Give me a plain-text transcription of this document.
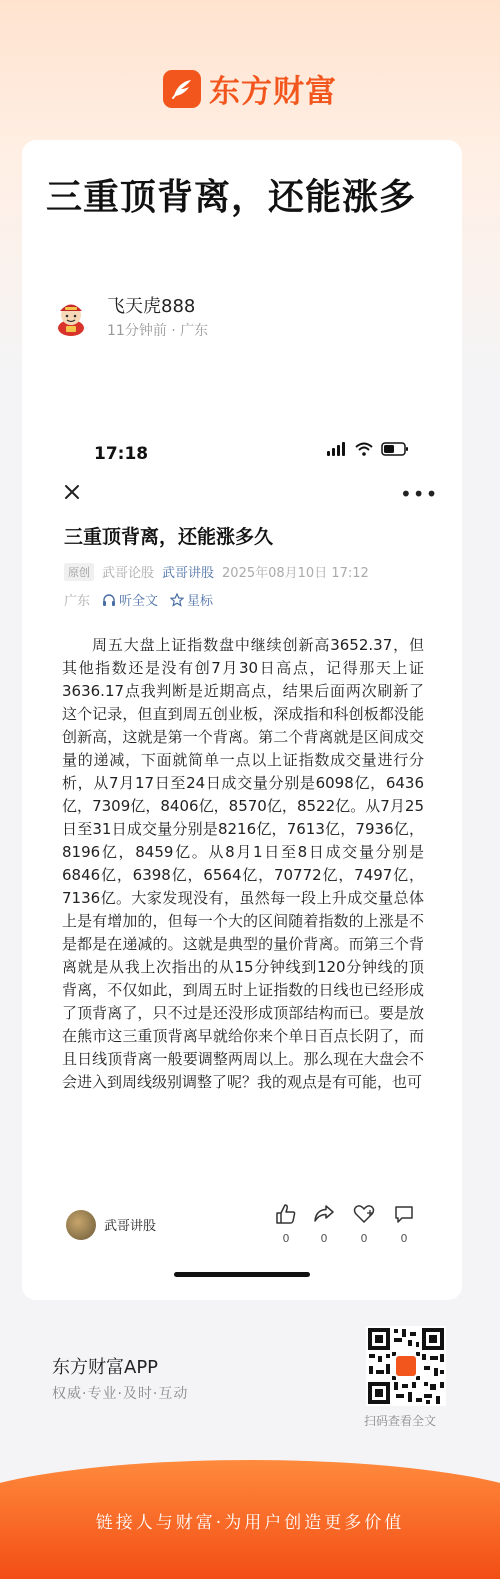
东方财富
三重顶背离，还能涨多
飞天虎888
11分钟前 · 广东
17:18
•••
三重顶背离，还能涨多久
原创 武哥论股 武哥讲股 2025年08月10日 17:12
广东 听全文 星标

周五大盘上证指数盘中继续创新高3652.37，但其他指数还是没有创7月30日高点，记得那天上证3636.17点我判断是近期高点，结果后面两次刷新了这个记录，但直到周五创业板，深成指和科创板都没能创新高，这就是第一个背离。第二个背离就是区间成交量的递减，下面就简单一点以上证指数成交量进行分析，从7月17日至24日成交量分别是6098亿，6436亿，7309亿，8406亿，8570亿，8522亿。从7月25日至31日成交量分别是8216亿，7613亿，7936亿，8196亿，8459亿。从8月1日至8日成交量分别是6846亿，6398亿，6564亿，70772亿，7497亿，7136亿。大家发现没有，虽然每一段上升成交量总体上是有增加的，但每一个大的区间随着指数的上涨是不是都是在递减的。这就是典型的量价背离。而第三个背离就是从我上次指出的从15分钟线到120分钟线的顶背离，不仅如此，到周五时上证指数的日线也已经形成了顶背离了，只不过是还没形成顶部结构而已。要是放在熊市这三重顶背离早就给你来个单日百点长阴了，而且日线顶背离一般要调整两周以上。那么现在大盘会不会进入到周线级别调整了呢？我的观点是有可能，也可

武哥讲股
0	0	0	0
东方财富APP
权威·专业·及时·互动
扫码查看全文
链接人与财富·为用户创造更多价值
